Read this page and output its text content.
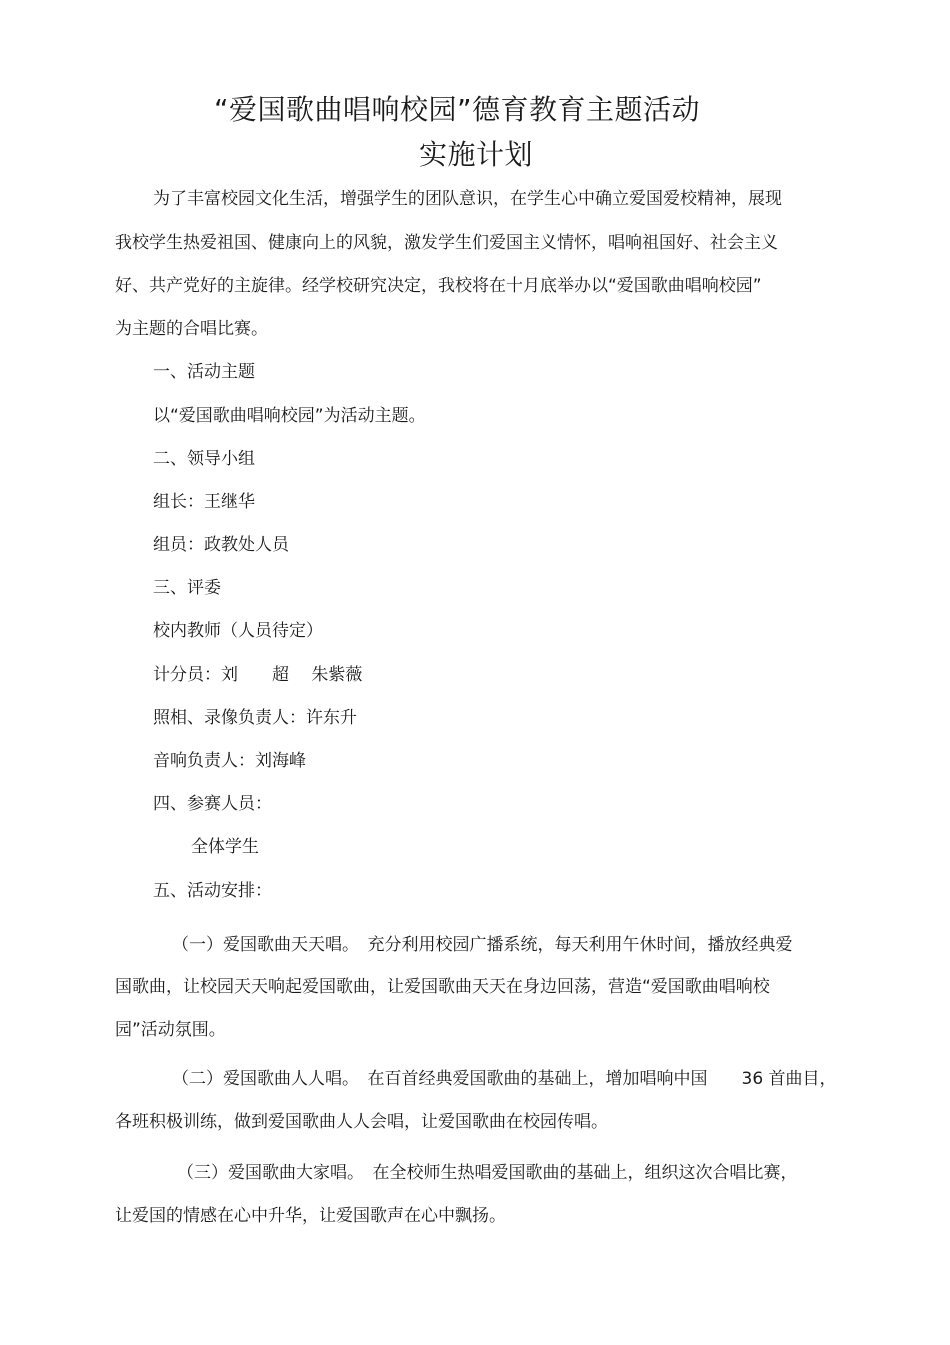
“爱国歌曲唱响校园”德育教育主题活动
实施计划
为了丰富校园文化生活，增强学生的团队意识，在学生心中确立爱国爱校精神，展现
我校学生热爱祖国、健康向上的风貌，激发学生们爱国主义情怀，唱响祖国好、社会主义
好、共产党好的主旋律。经学校研究决定，我校将在十月底举办以“爱国歌曲唱响校园”
为主题的合唱比赛。
一、活动主题
以“爱国歌曲唱响校园”为活动主题。
二、领导小组
组长：王继华
组员：政教处人员
三、评委
校内教师（人员待定）
计分员：刘　　超　 朱紫薇
照相、录像负责人：许东升
音响负责人：刘海峰
四、参赛人员：
全体学生
五、活动安排：
（一）爱国歌曲天天唱。　充分利用校园广播系统，每天利用午休时间，播放经典爱
国歌曲，让校园天天响起爱国歌曲，让爱国歌曲天天在身边回荡，营造“爱国歌曲唱响校
园”活动氛围。
（二）爱国歌曲人人唱。　在百首经典爱国歌曲的基础上，增加唱响中国　　36 首曲目，
各班积极训练，做到爱国歌曲人人会唱，让爱国歌曲在校园传唱。
（三）爱国歌曲大家唱。　在全校师生热唱爱国歌曲的基础上，组织这次合唱比赛，
让爱国的情感在心中升华，让爱国歌声在心中飘扬。
